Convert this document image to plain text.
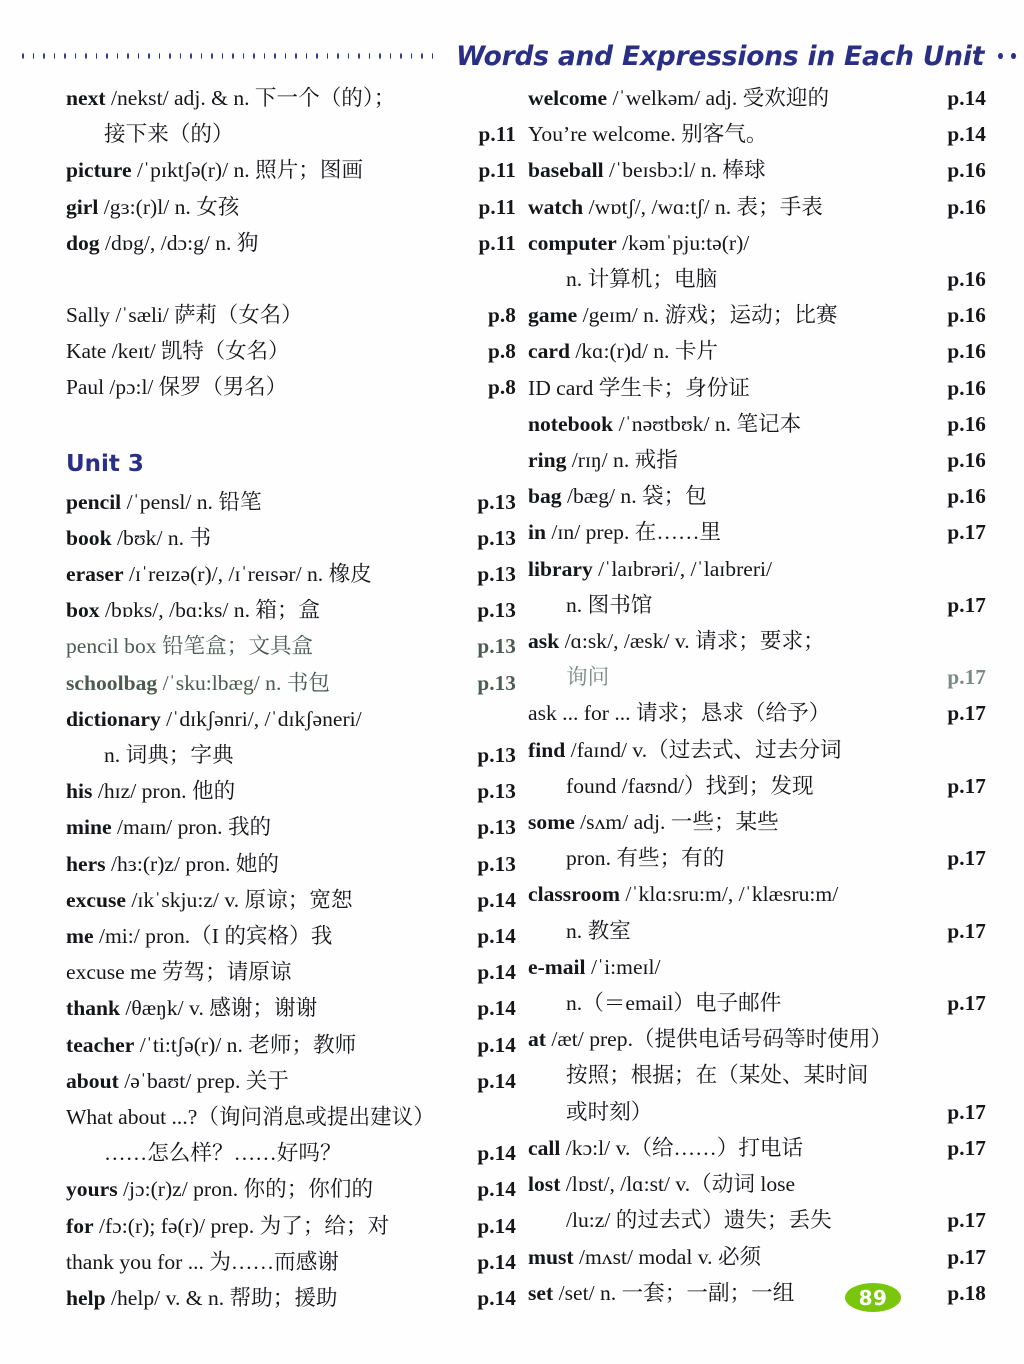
Words and Expressions in Each Unit
next /nekst/ adj. & n. 下一个（的）；
接下来（的）	p.11
picture /ˈpɪktʃə(r)/ n. 照片；图画	p.11
girl /gɜ:(r)l/ n. 女孩	p.11
dog /dɒg/, /dɔ:g/ n. 狗	p.11
Sally /ˈsæli/ 萨莉（女名）	p.8
Kate /keɪt/ 凯特（女名）	p.8
Paul /pɔ:l/ 保罗（男名）	p.8
Unit 3
pencil /ˈpensl/ n. 铅笔	p.13
book /bʊk/ n. 书	p.13
eraser /ɪˈreɪzə(r)/, /ɪˈreɪsər/ n. 橡皮	p.13
box /bɒks/, /bɑ:ks/ n. 箱；盒	p.13
pencil box 铅笔盒；文具盒	p.13
schoolbag /ˈsku:lbæg/ n. 书包	p.13
dictionary /ˈdɪkʃənri/, /ˈdɪkʃəneri/
n. 词典；字典	p.13
his /hɪz/ pron. 他的	p.13
mine /maɪn/ pron. 我的	p.13
hers /hɜ:(r)z/ pron. 她的	p.13
excuse /ɪkˈskju:z/ v. 原谅；宽恕	p.14
me /mi:/ pron.（I 的宾格）我	p.14
excuse me 劳驾；请原谅	p.14
thank /θæŋk/ v. 感谢；谢谢	p.14
teacher /ˈti:tʃə(r)/ n. 老师；教师	p.14
about /əˈbaʊt/ prep. 关于	p.14
What about ...?（询问消息或提出建议）
……怎么样？……好吗？	p.14
yours /jɔ:(r)z/ pron. 你的；你们的	p.14
for /fɔ:(r); fə(r)/ prep. 为了；给；对	p.14
thank you for ... 为……而感谢	p.14
help /help/ v. & n. 帮助；援助	p.14
welcome /ˈwelkəm/ adj. 受欢迎的	p.14
You’re welcome. 别客气。	p.14
baseball /ˈbeɪsbɔ:l/ n. 棒球	p.16
watch /wɒtʃ/, /wɑ:tʃ/ n. 表；手表	p.16
computer /kəmˈpju:tə(r)/
n. 计算机；电脑	p.16
game /geɪm/ n. 游戏；运动；比赛	p.16
card /kɑ:(r)d/ n. 卡片	p.16
ID card 学生卡；身份证	p.16
notebook /ˈnəʊtbʊk/ n. 笔记本	p.16
ring /rɪŋ/ n. 戒指	p.16
bag /bæg/ n. 袋；包	p.16
in /ɪn/ prep. 在……里	p.17
library /ˈlaɪbrəri/, /ˈlaɪbreri/
n. 图书馆	p.17
ask /ɑ:sk/, /æsk/ v. 请求；要求；
询问	p.17
ask ... for ... 请求；恳求（给予）	p.17
find /faɪnd/ v.（过去式、过去分词
found /faʊnd/）找到；发现	p.17
some /sʌm/ adj. 一些；某些
pron. 有些；有的	p.17
classroom /ˈklɑ:sru:m/, /ˈklæsru:m/
n. 教室	p.17
e-mail /ˈi:meɪl/
n.（＝email）电子邮件	p.17
at /æt/ prep.（提供电话号码等时使用）
按照；根据；在（某处、某时间
或时刻）	p.17
call /kɔ:l/ v.（给……）打电话	p.17
lost /lɒst/, /lɑ:st/ v.（动词 lose
/lu:z/ 的过去式）遗失；丢失	p.17
must /mʌst/ modal v. 必须	p.17
set /set/ n. 一套；一副；一组	p.18
89
